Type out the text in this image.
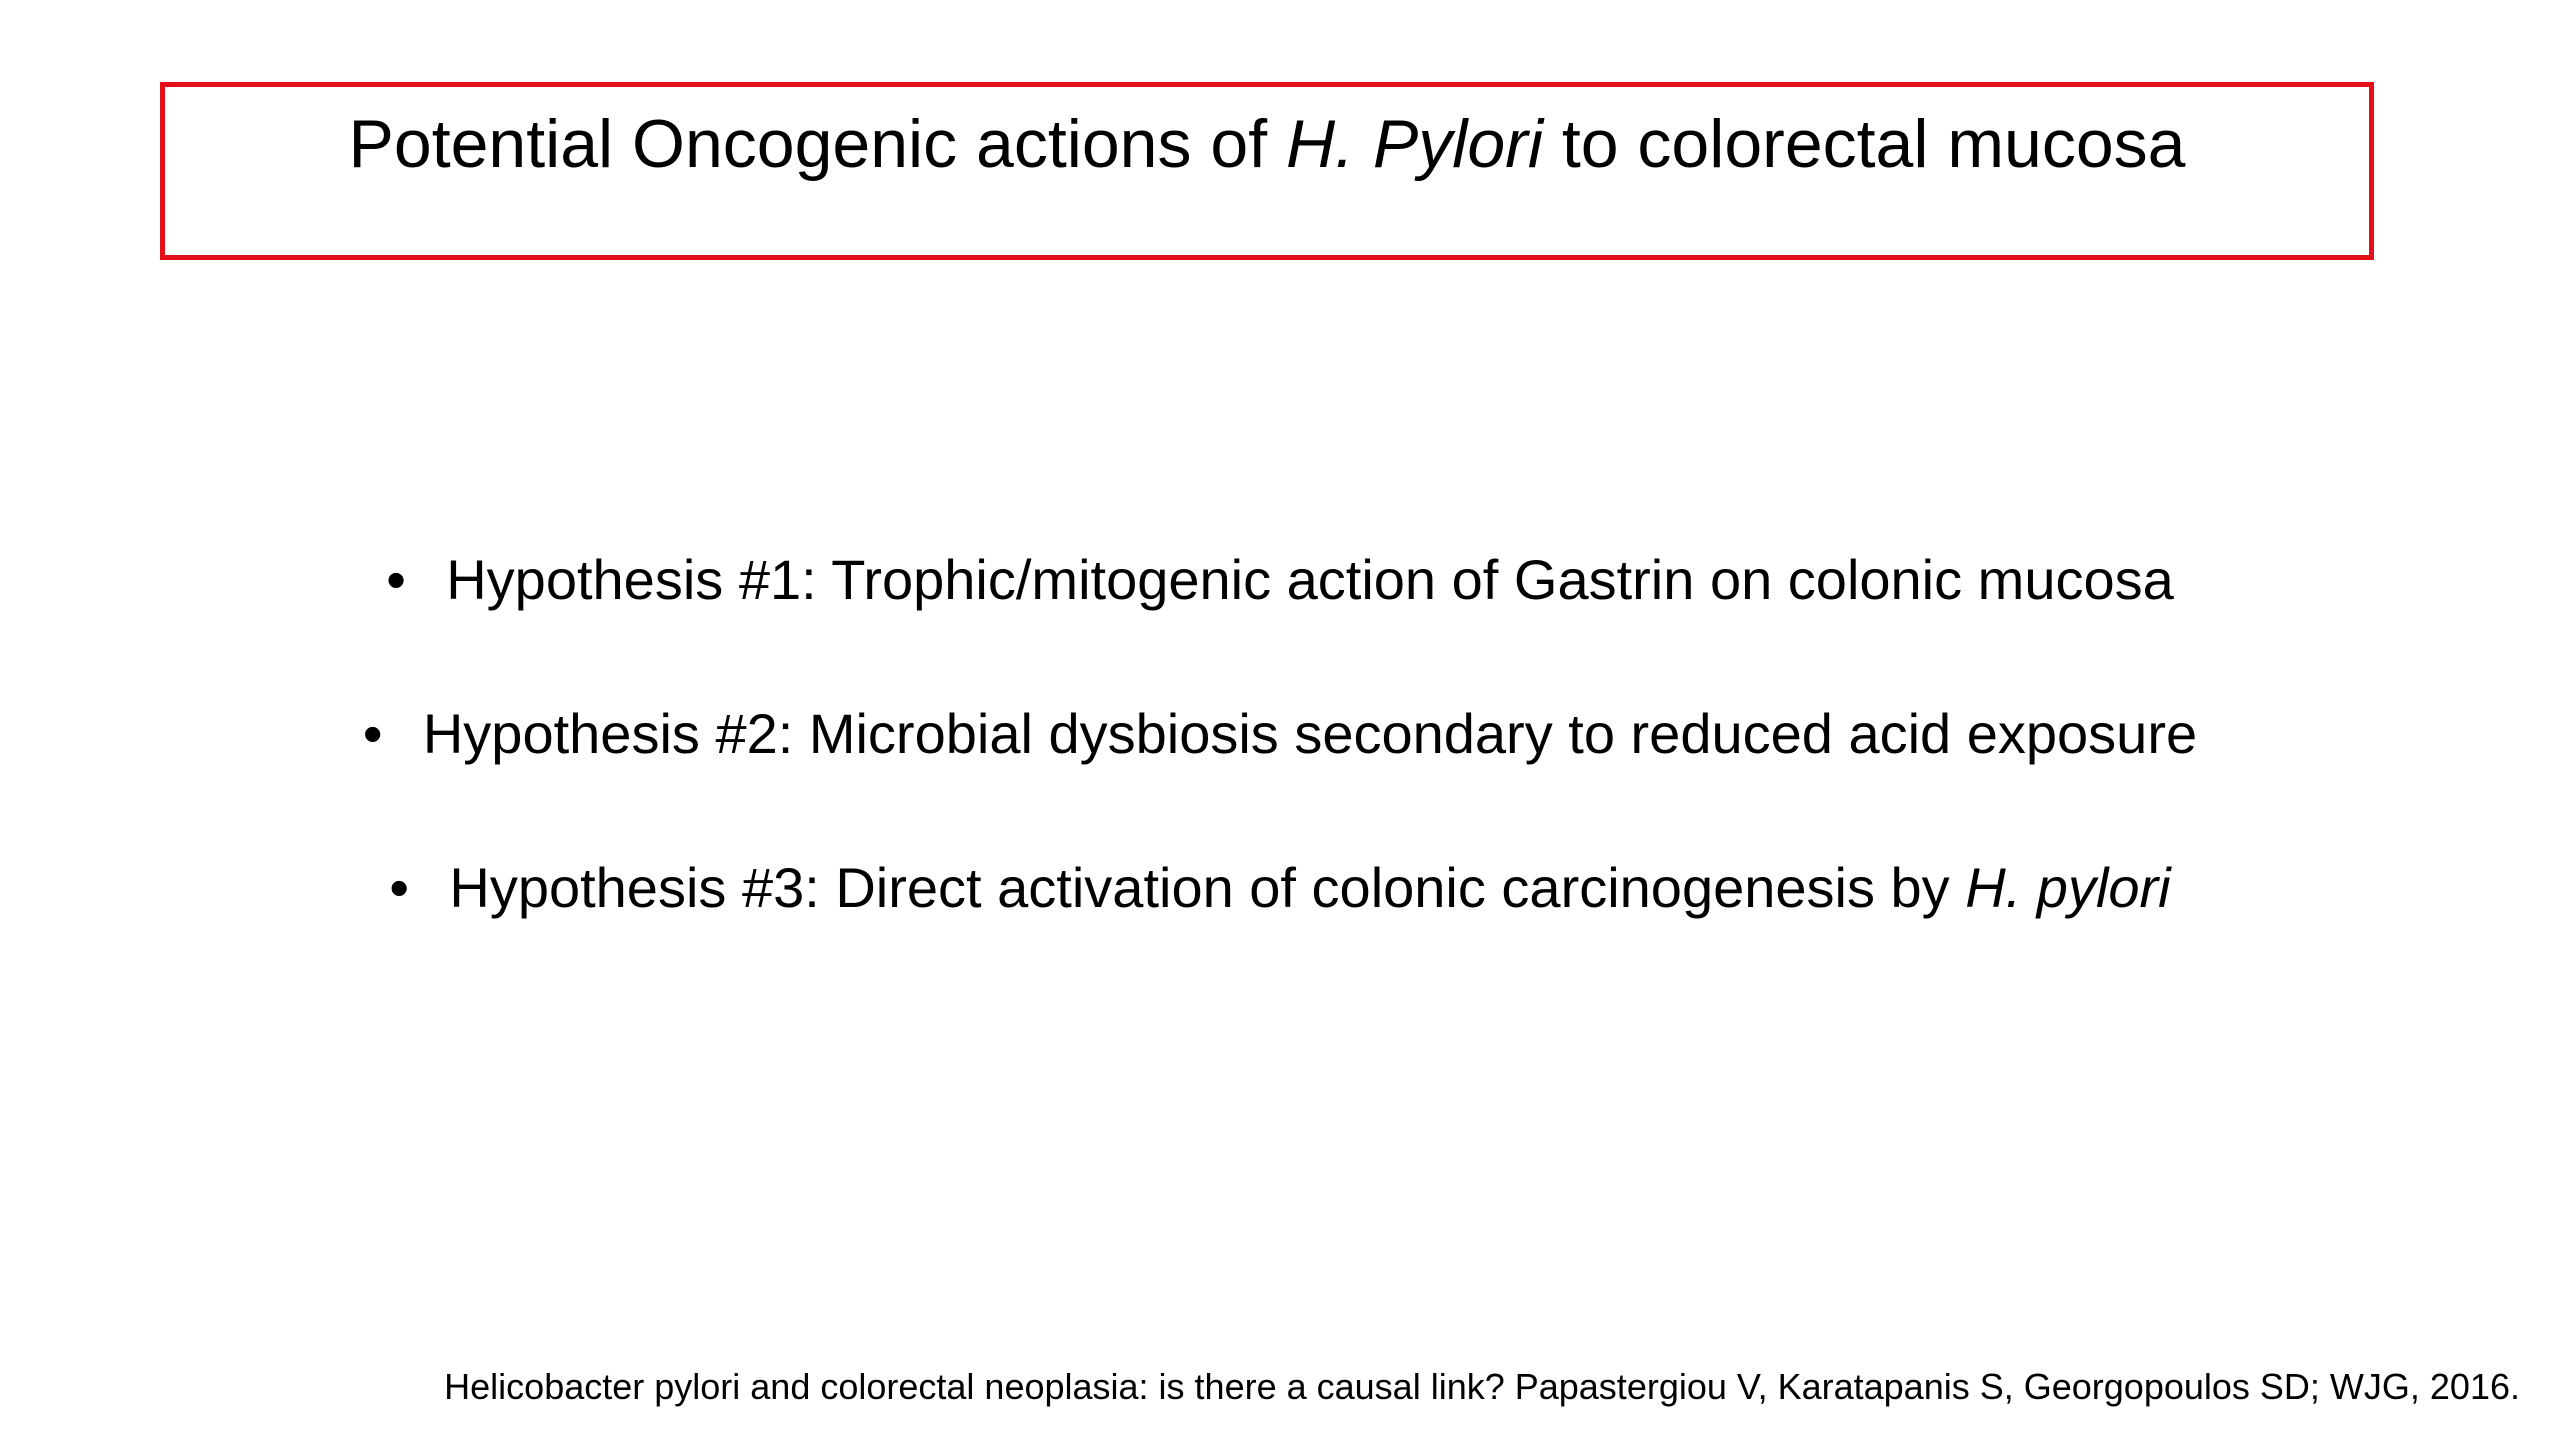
Potential Oncogenic actions of H. Pylori to colorectal mucosa
• Hypothesis #1: Trophic/mitogenic action of Gastrin on colonic mucosa
• Hypothesis #2: Microbial dysbiosis secondary to reduced acid exposure
• Hypothesis #3: Direct activation of colonic carcinogenesis by H. pylori
Helicobacter pylori and colorectal neoplasia: is there a causal link? Papastergiou V, Karatapanis S, Georgopoulos SD; WJG, 2016.
